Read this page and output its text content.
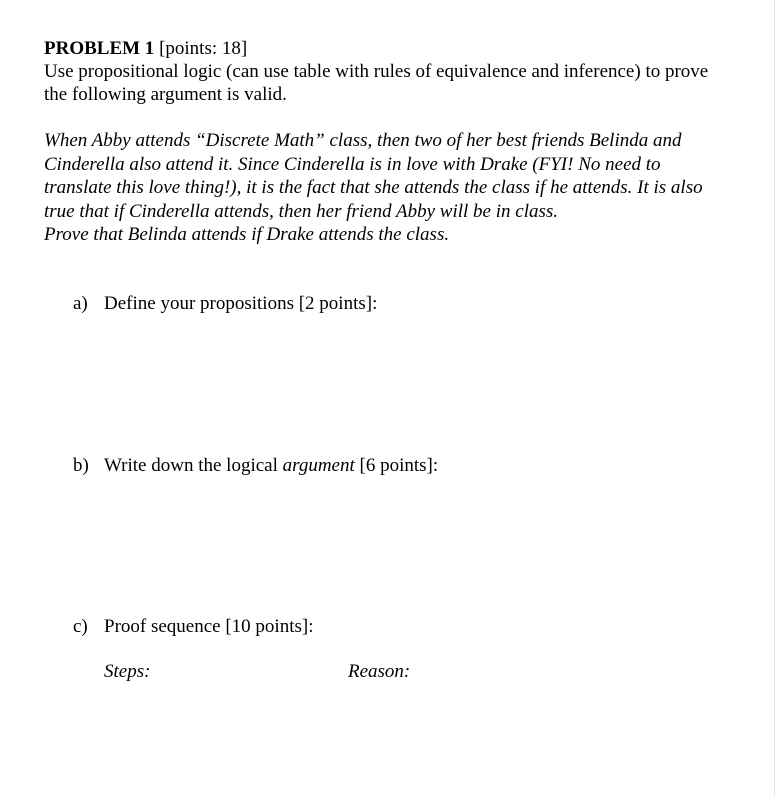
PROBLEM 1 [points: 18]
Use propositional logic (can use table with rules of equivalence and inference) to prove
the following argument is valid.
When Abby attends “Discrete Math” class, then two of her best friends Belinda and
Cinderella also attend it. Since Cinderella is in love with Drake (FYI! No need to
translate this love thing!), it is the fact that she attends the class if he attends. It is also
true that if Cinderella attends, then her friend Abby will be in class.
Prove that Belinda attends if Drake attends the class.
a) Define your propositions [2 points]:
b) Write down the logical argument [6 points]:
c) Proof sequence [10 points]:
Steps:	Reason:
